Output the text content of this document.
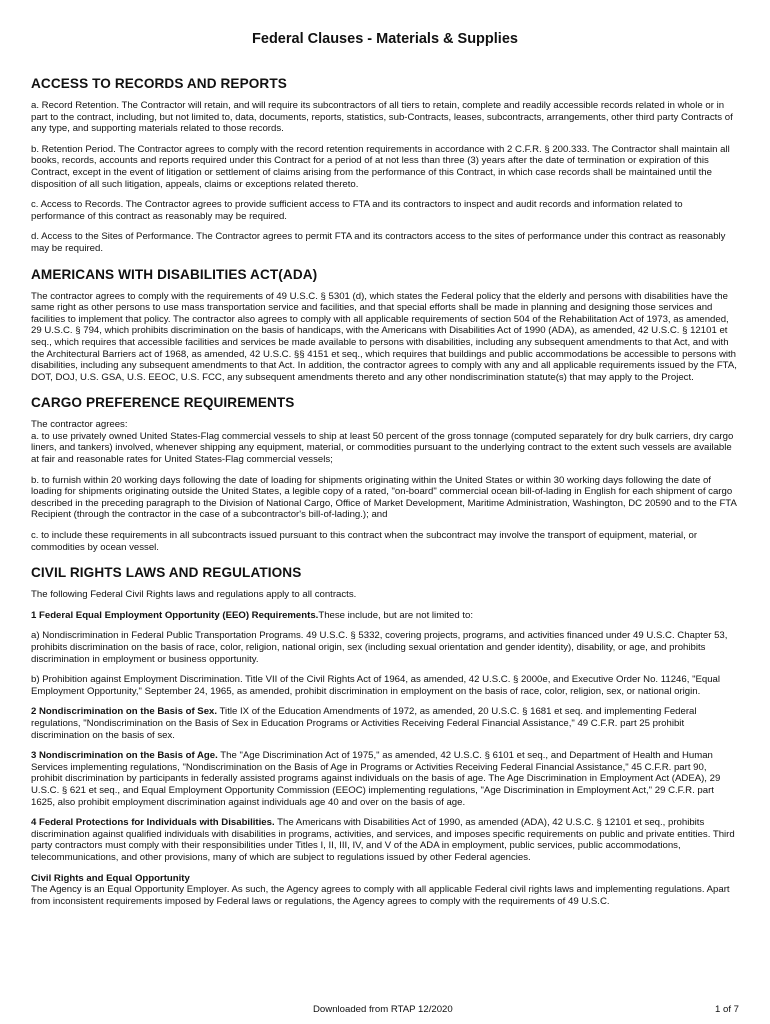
Federal Clauses - Materials & Supplies
ACCESS TO RECORDS AND REPORTS

a. Record Retention. The Contractor will retain, and will require its subcontractors of all tiers to retain, complete and readily accessible records related in whole or in part to the contract, including, but not limited to, data, documents, reports, statistics, sub-Contracts, leases, subcontracts, arrangements, other third party Contracts of any type, and supporting materials related to those records.

b. Retention Period. The Contractor agrees to comply with the record retention requirements in accordance with 2 C.F.R. § 200.333. The Contractor shall maintain all books, records, accounts and reports required under this Contract for a period of at not less than three (3) years after the date of termination or expiration of this Contract, except in the event of litigation or settlement of claims arising from the performance of this Contract, in which case records shall be maintained until the disposition of all such litigation, appeals, claims or exceptions related thereto.

c. Access to Records. The Contractor agrees to provide sufficient access to FTA and its contractors to inspect and audit records and information related to performance of this contract as reasonably may be required.

d. Access to the Sites of Performance. The Contractor agrees to permit FTA and its contractors access to the sites of performance under this contract as reasonably may be required.

AMERICANS WITH DISABILITIES ACT(ADA)

The contractor agrees to comply with the requirements of 49 U.S.C. § 5301 (d), which states the Federal policy that the elderly and persons with disabilities have the same right as other persons to use mass transportation service and facilities, and that special efforts shall be made in planning and designing those services and facilities to implement that policy. The contractor also agrees to comply with all applicable requirements of section 504 of the Rehabilitation Act of 1973, as amended, 29 U.S.C. § 794, which prohibits discrimination on the basis of handicaps, with the Americans with Disabilities Act of 1990 (ADA), as amended, 42 U.S.C. § 12101 et seq., which requires that accessible facilities and services be made available to persons with disabilities, including any subsequent amendments to that Act, and with the Architectural Barriers act of 1968, as amended, 42 U.S.C. §§ 4151 et seq., which requires that buildings and public accommodations be accessible to persons with disabilities, including any subsequent amendments to that Act. In addition, the contractor agrees to comply with any and all applicable requirements issued by the FTA, DOT, DOJ, U.S. GSA, U.S. EEOC, U.S. FCC, any subsequent amendments thereto and any other nondiscrimination statute(s) that may apply to the Project.

CARGO PREFERENCE REQUIREMENTS

The contractor agrees:

a. to use privately owned United States-Flag commercial vessels to ship at least 50 percent of the gross tonnage (computed separately for dry bulk carriers, dry cargo liners, and tankers) involved, whenever shipping any equipment, material, or commodities pursuant to the underlying contract to the extent such vessels are available at fair and reasonable rates for United States-Flag commercial vessels;

b. to furnish within 20 working days following the date of loading for shipments originating within the United States or within 30 working days following the date of loading for shipments originating outside the United States, a legible copy of a rated, "on-board" commercial ocean bill-of-lading in English for each shipment of cargo described in the preceding paragraph to the Division of National Cargo, Office of Market Development, Maritime Administration, Washington, DC 20590 and to the FTA Recipient (through the contractor in the case of a subcontractor's bill-of-lading.); and

c. to include these requirements in all subcontracts issued pursuant to this contract when the subcontract may involve the transport of equipment, material, or commodities by ocean vessel.

CIVIL RIGHTS LAWS AND REGULATIONS

The following Federal Civil Rights laws and regulations apply to all contracts.

1 Federal Equal Employment Opportunity (EEO) Requirements.These include, but are not limited to:

a) Nondiscrimination in Federal Public Transportation Programs. 49 U.S.C. § 5332, covering projects, programs, and activities financed under 49 U.S.C. Chapter 53, prohibits discrimination on the basis of race, color, religion, national origin, sex (including sexual orientation and gender identity), disability, or age, and prohibits discrimination in employment or business opportunity.

b) Prohibition against Employment Discrimination. Title VII of the Civil Rights Act of 1964, as amended, 42 U.S.C. § 2000e, and Executive Order No. 11246, "Equal Employment Opportunity," September 24, 1965, as amended, prohibit discrimination in employment on the basis of race, color, religion, sex, or national origin.

2 Nondiscrimination on the Basis of Sex. Title IX of the Education Amendments of 1972, as amended, 20 U.S.C. § 1681 et seq. and implementing Federal regulations, "Nondiscrimination on the Basis of Sex in Education Programs or Activities Receiving Federal Financial Assistance," 49 C.F.R. part 25 prohibit discrimination on the basis of sex.

3 Nondiscrimination on the Basis of Age. The "Age Discrimination Act of 1975," as amended, 42 U.S.C. § 6101 et seq., and Department of Health and Human Services implementing regulations, "Nondiscrimination on the Basis of Age in Programs or Activities Receiving Federal Financial Assistance," 45 C.F.R. part 90, prohibit discrimination by participants in federally assisted programs against individuals on the basis of age. The Age Discrimination in Employment Act (ADEA), 29 U.S.C. § 621 et seq., and Equal Employment Opportunity Commission (EEOC) implementing regulations, "Age Discrimination in Employment Act," 29 C.F.R. part 1625, also prohibit employment discrimination against individuals age 40 and over on the basis of age.

4 Federal Protections for Individuals with Disabilities. The Americans with Disabilities Act of 1990, as amended (ADA), 42 U.S.C. § 12101 et seq., prohibits discrimination against qualified individuals with disabilities in programs, activities, and services, and imposes specific requirements on public and private entities. Third party contractors must comply with their responsibilities under Titles I, II, III, IV, and V of the ADA in employment, public services, public accommodations, telecommunications, and other provisions, many of which are subject to regulations issued by other Federal agencies.

Civil Rights and Equal Opportunity

The Agency is an Equal Opportunity Employer. As such, the Agency agrees to comply with all applicable Federal civil rights laws and implementing regulations. Apart from inconsistent requirements imposed by Federal laws or regulations, the Agency agrees to comply with the requirements of 49 U.S.C.

Downloaded from RTAP 12/2020	1 of 7
